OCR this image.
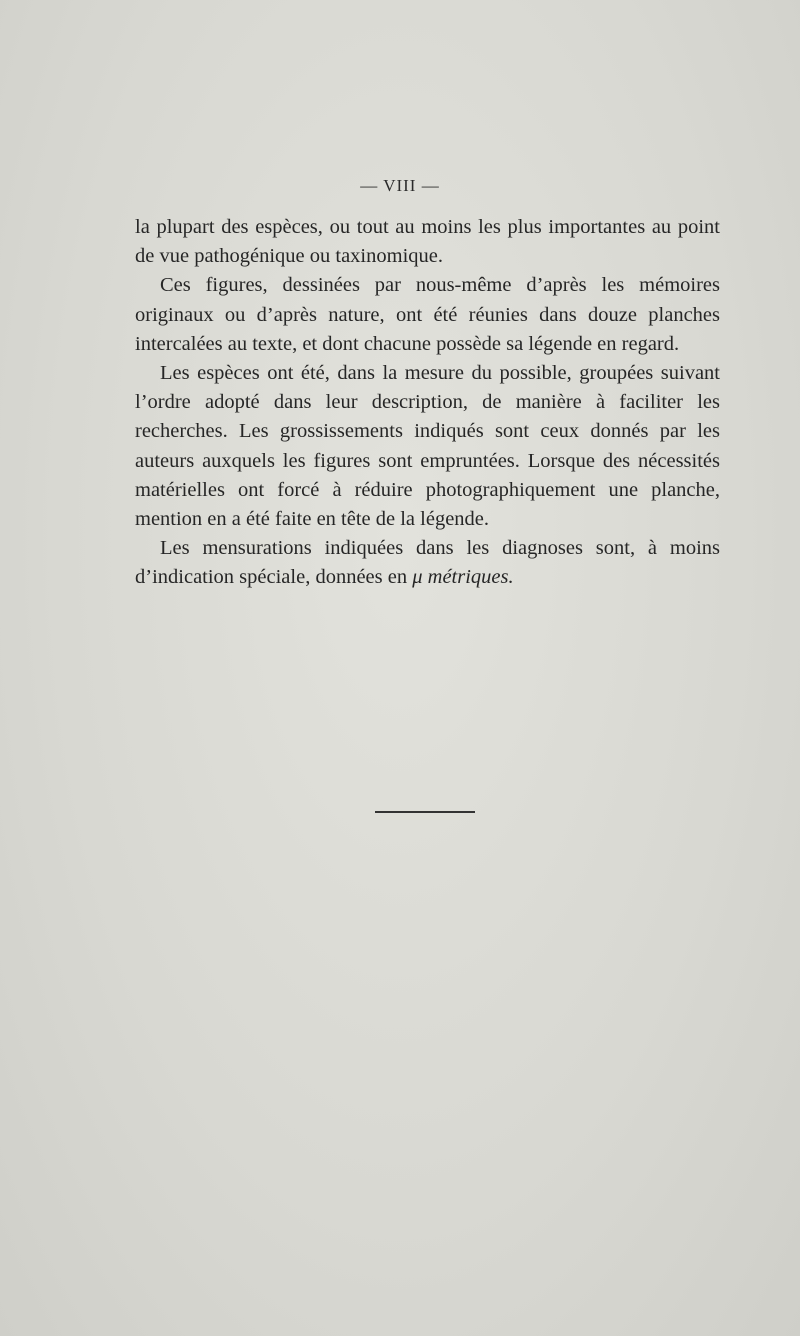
— VIII —

la plupart des espèces, ou tout au moins les plus importantes au point de vue pathogénique ou taxinomique.

Ces figures, dessinées par nous-même d’après les mémoires originaux ou d’après nature, ont été réunies dans douze planches intercalées au texte, et dont chacune possède sa légende en regard.

Les espèces ont été, dans la mesure du possible, groupées suivant l’ordre adopté dans leur description, de manière à faciliter les recherches. Les grossissements indiqués sont ceux donnés par les auteurs auxquels les figures sont empruntées. Lorsque des nécessités matérielles ont forcé à réduire photographiquement une planche, mention en a été faite en tête de la légende.

Les mensurations indiquées dans les diagnoses sont, à moins d’indication spéciale, données en μ métriques.
